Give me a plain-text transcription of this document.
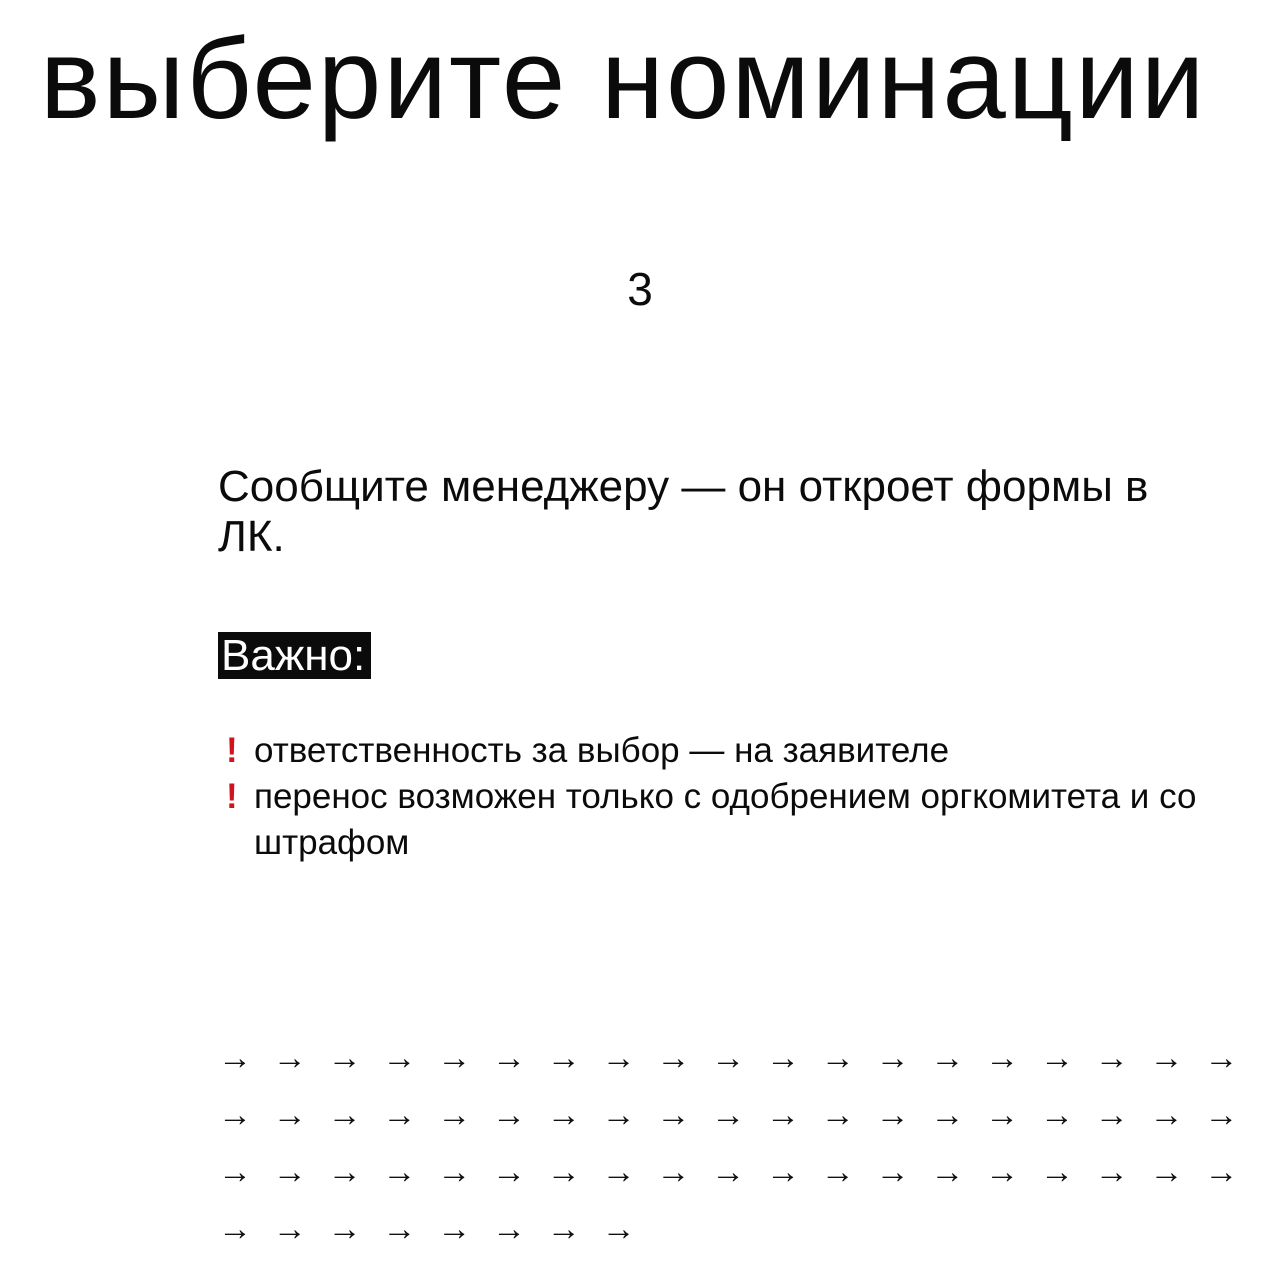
выберите номинации
3

Сообщите менеджеру — он откроет формы в ЛК.

Важно:
! ответственность за выбор — на заявителе
! перенос возможен только с одобрением оргкомитета и со штрафом
→ → → → → → → → → → → → → → → → → → →
→ → → → → → → → → → → → → → → → → → →
→ → → → → → → → → → → → → → → → → → →
→ → → → → → → →
